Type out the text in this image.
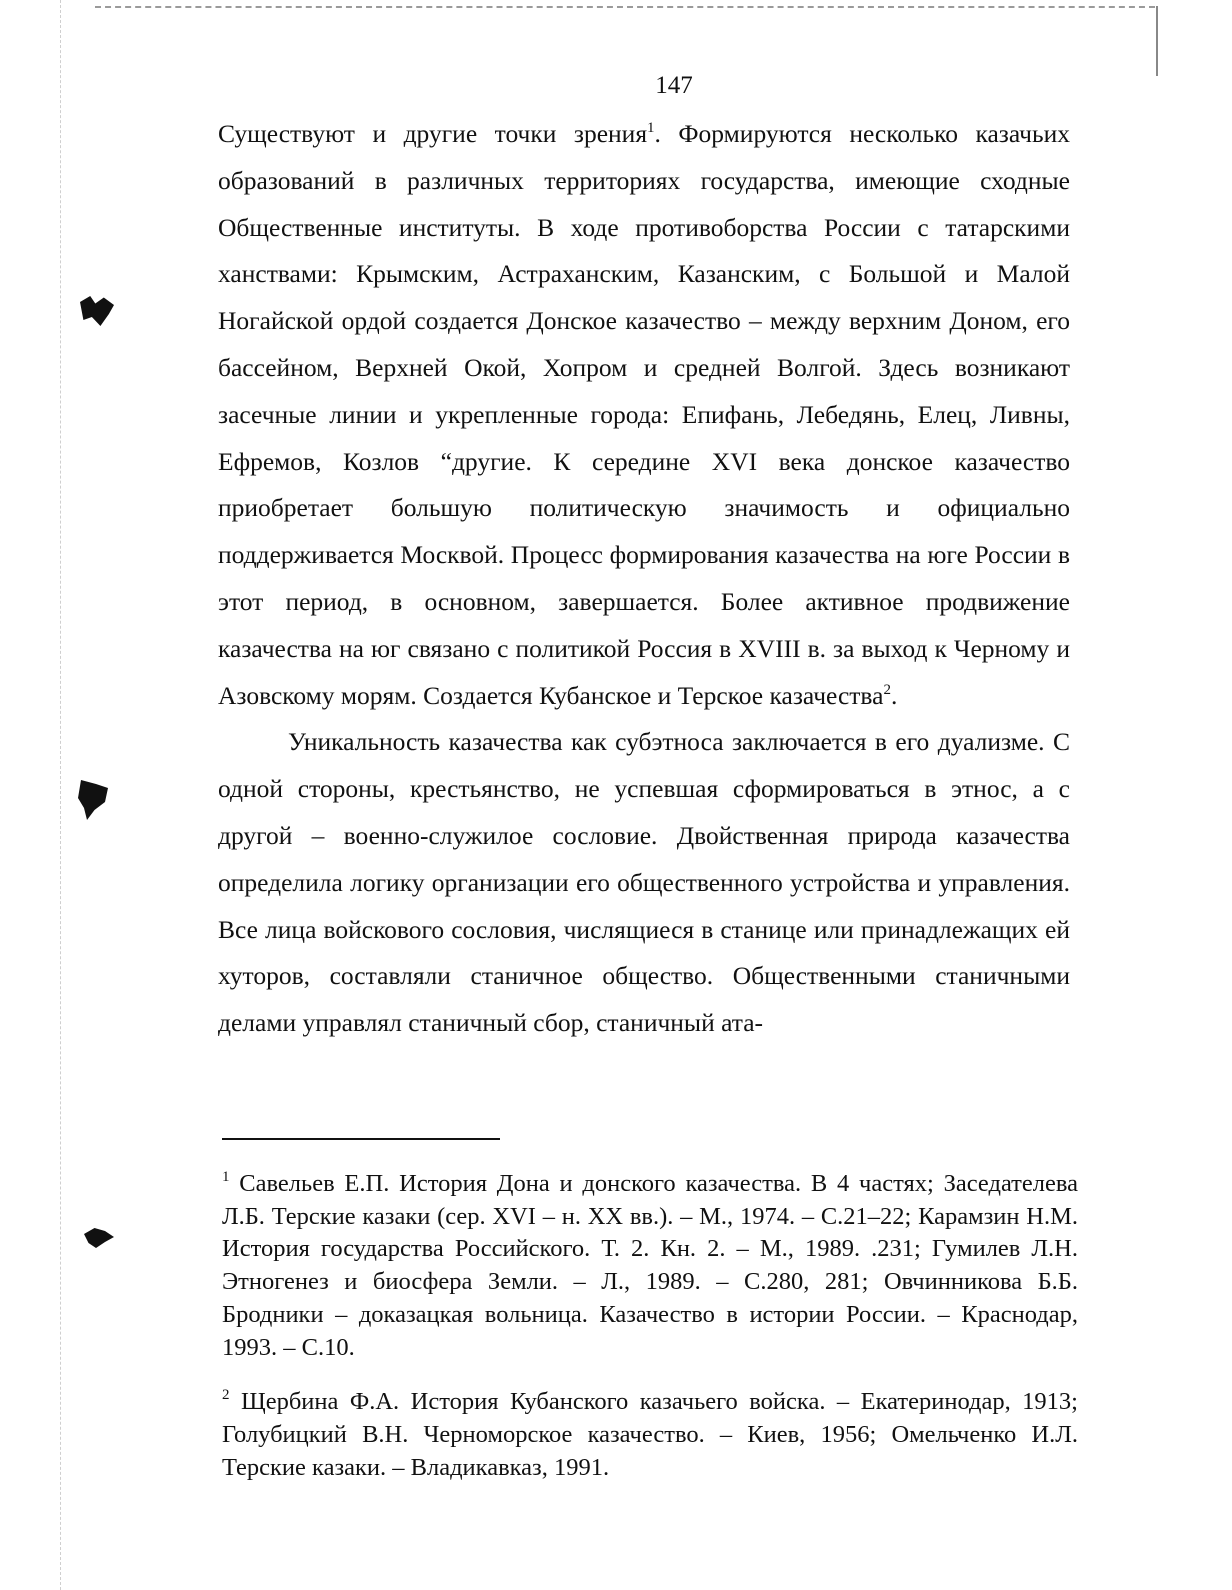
147

Существуют и другие точки зрения$^1$. Формируются несколько казачьих образований в различных территориях государства, имеющие сходные Общественные институты. В ходе противоборства России с татарскими ханствами: Крымским, Астраханским, Казанским, с Большой и Малой Ногайской ордой создается Донское казачество – между верхним Доном, его бассейном, Верхней Окой, Хопром и средней Волгой. Здесь возникают засечные линии и укрепленные города: Епифань, Лебедянь, Елец, Ливны, Ефремов, Козлов “другие. К середине XVI века донское казачество приобретает большую политическую значимость и официально поддерживается Москвой. Процесс формирования казачества на юге России в этот период, в основном, завершается. Более активное продвижение казачества на юг связано с политикой Россия в XVIII в. за выход к Черному и Азовскому морям. Создается Кубанское и Терское казачества$^2$.

Уникальность казачества как субэтноса заключается в его дуализме. С одной стороны, крестьянство, не успевшая сформироваться в этнос, а с другой – военно-служилое сословие. Двойственная природа казачества определила логику организации его общественного устройства и управления. Все лица войскового сословия, числящиеся в станице или принадлежащих ей хуторов, составляли станичное общество. Общественными станичными делами управлял станичный сбор, станичный ата-

$^1$ Савельев Е.П. История Дона и донского казачества. В 4 частях; Заседателева Л.Б. Терские казаки (сер. XVI – н. XX вв.). – М., 1974. – С.21–22; Карамзин Н.М. История государства Российского. Т. 2. Кн. 2. – М., 1989. .231; Гумилев Л.Н. Этногенез и биосфера Земли. – Л., 1989. – С.280, 281; Овчинникова Б.Б. Бродники – доказацкая вольница. Казачество в истории России. – Краснодар, 1993. – С.10.

$^2$ Щербина Ф.А. История Кубанского казачьего войска. – Екатеринодар, 1913; Голубицкий В.Н. Черноморское казачество. – Киев, 1956; Омельченко И.Л. Терские казаки. – Владикавказ, 1991.
